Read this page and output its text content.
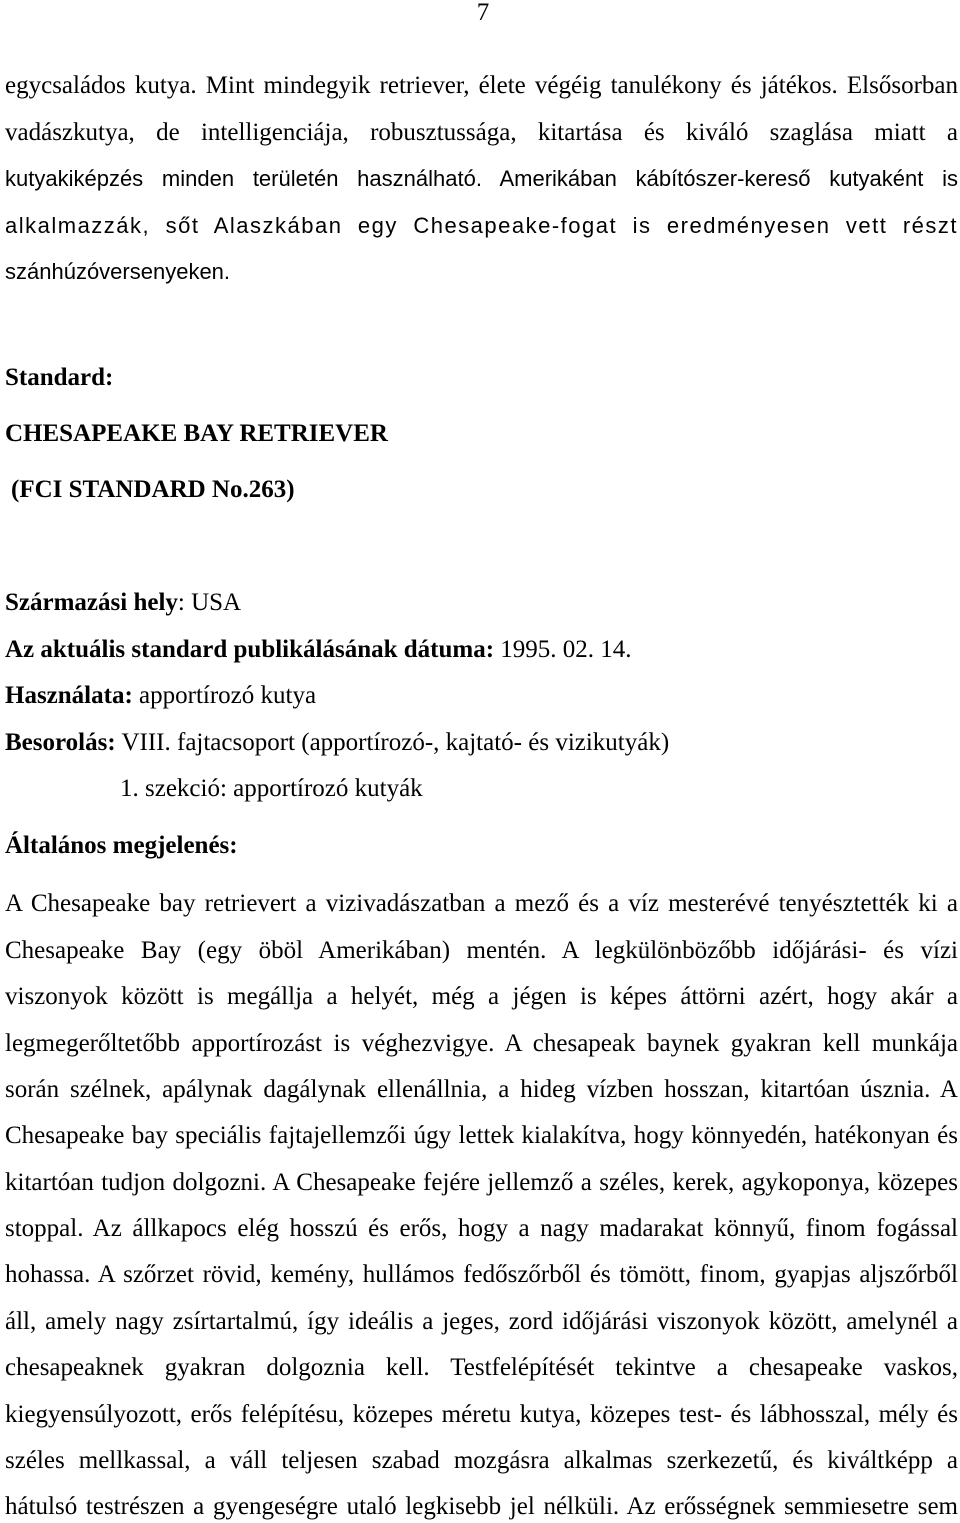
7
egycsaládos kutya. Mint mindegyik retriever, élete végéig tanulékony és játékos. Elsősorban
vadászkutya, de intelligenciája, robusztussága, kitartása és kiváló szaglása miatt a
kutyakiképzés minden területén használható. Amerikában kábítószer-kereső kutyaként is
alkalmazzák, sőt Alaszkában egy Chesapeake-fogat is eredményesen vett részt
szánhúzóversenyeken.
Standard:
CHESAPEAKE BAY RETRIEVER
(FCI STANDARD No.263)
Származási hely: USA
Az aktuális standard publikálásának dátuma: 1995. 02. 14.
Használata: apportírozó kutya
Besorolás: VIII. fajtacsoport (apportírozó-, kajtató- és vizikutyák)
1. szekció: apportírozó kutyák
Általános megjelenés:
A Chesapeake bay retrievert a vizivadászatban a mező és a víz mesterévé tenyésztették ki a
Chesapeake Bay (egy öböl Amerikában) mentén. A legkülönbözőbb időjárási- és vízi
viszonyok között is megállja a helyét, még a jégen is képes áttörni azért, hogy akár a
legmegerőltetőbb apportírozást is véghezvigye. A chesapeak baynek gyakran kell munkája
során szélnek, apálynak dagálynak ellenállnia, a hideg vízben hosszan, kitartóan úsznia. A
Chesapeake bay speciális fajtajellemzői úgy lettek kialakítva, hogy könnyedén, hatékonyan és
kitartóan tudjon dolgozni. A Chesapeake fejére jellemző a széles, kerek, agykoponya, közepes
stoppal. Az állkapocs elég hosszú és erős, hogy a nagy madarakat könnyű, finom fogással
hohassa. A szőrzet rövid, kemény, hullámos fedőszőrből és tömött, finom, gyapjas aljszőrből
áll, amely nagy zsírtartalmú, így ideális a jeges, zord időjárási viszonyok között, amelynél a
chesapeaknek gyakran dolgoznia kell. Testfelépítését tekintve a chesapeake vaskos,
kiegyensúlyozott, erős felépítésu, közepes méretu kutya, közepes test- és lábhosszal, mély és
széles mellkassal, a váll teljesen szabad mozgásra alkalmas szerkezetű, és kiváltképp a
hátulsó testrészen a gyengeségre utaló legkisebb jel nélküli. Az erősségnek semmiesetre sem
